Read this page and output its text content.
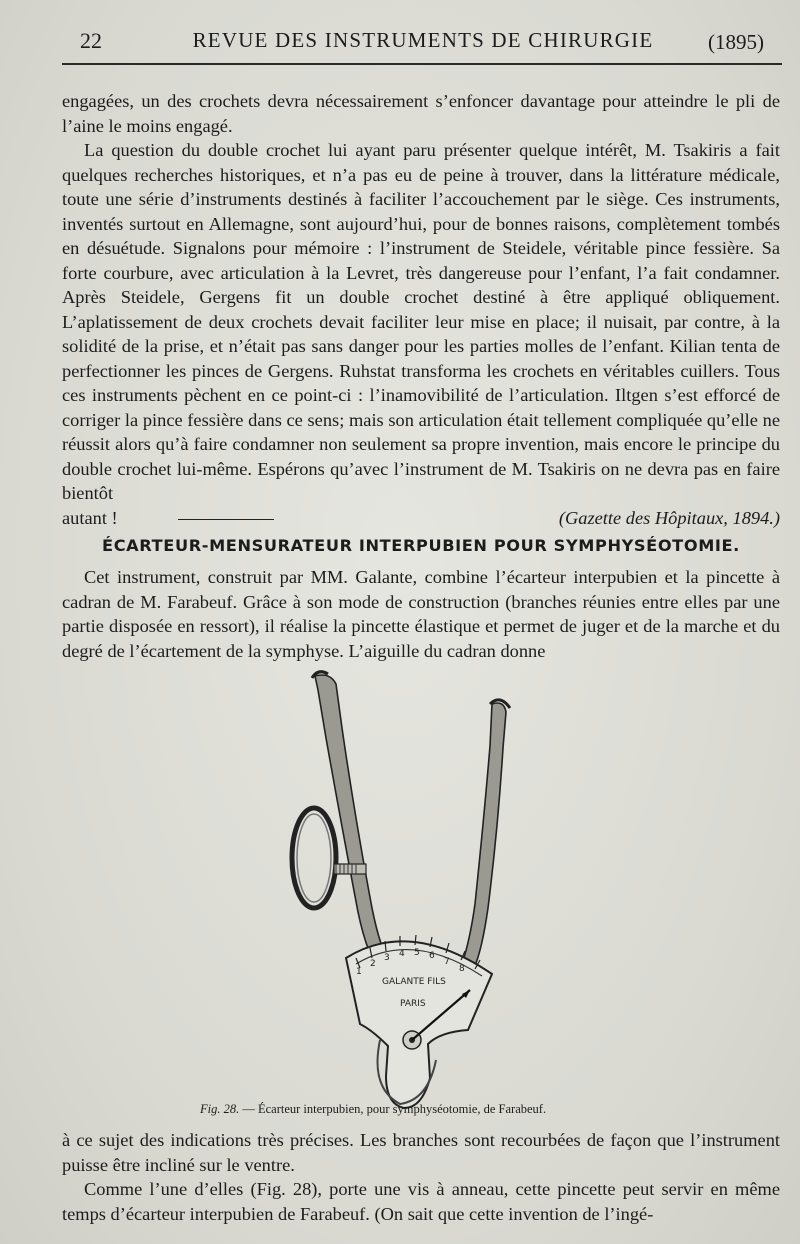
22	REVUE DES INSTRUMENTS DE CHIRURGIE	(1895)

engagées, un des crochets devra nécessairement s’enfoncer davantage pour atteindre le pli de l’aine le moins engagé.

La question du double crochet lui ayant paru présenter quelque intérêt, M. Tsakiris a fait quelques recherches historiques, et n’a pas eu de peine à trouver, dans la littérature médicale, toute une série d’instruments destinés à faciliter l’accouchement par le siège. Ces instruments, inventés surtout en Allemagne, sont aujourd’hui, pour de bonnes raisons, complètement tombés en désuétude. Signalons pour mémoire : l’instrument de Steidele, véritable pince fessière. Sa forte courbure, avec articulation à la Levret, très dangereuse pour l’enfant, l’a fait condamner. Après Steidele, Gergens fit un double crochet destiné à être appliqué obliquement. L’aplatissement de deux crochets devait faciliter leur mise en place; il nuisait, par contre, à la solidité de la prise, et n’était pas sans danger pour les parties molles de l’enfant. Kilian tenta de perfectionner les pinces de Gergens. Ruhstat transforma les crochets en véritables cuillers. Tous ces instruments pèchent en ce point-ci : l’inamovibilité de l’articulation. Iltgen s’est efforcé de corriger la pince fessière dans ce sens; mais son articulation était tellement compliquée qu’elle ne réussit alors qu’à faire condamner non seulement sa propre invention, mais encore le principe du double crochet lui-même. Espérons qu’avec l’instrument de M. Tsakiris on ne devra pas en faire bientôt

autant !	(Gazette des Hôpitaux, 1894.)
ÉCARTEUR-MENSURATEUR INTERPUBIEN POUR SYMPHYSÉOTOMIE.

Cet instrument, construit par MM. Galante, combine l’écarteur interpubien et la pincette à cadran de M. Farabeuf. Grâce à son mode de construction (branches réunies entre elles par une partie disposée en ressort), il réalise la pincette élastique et permet de juger et de la marche et du degré de l’écartement de la symphyse. L’aiguille du cadran donne

1
2
3 4 5 6
7
8
GALANTE FILS
PARIS
Fig. 28. — Écarteur interpubien, pour symphyséotomie, de Farabeuf.

à ce sujet des indications très précises. Les branches sont recourbées de façon que l’instrument puisse être incliné sur le ventre.

Comme l’une d’elles (Fig. 28), porte une vis à anneau, cette pincette peut servir en même temps d’écarteur interpubien de Farabeuf. (On sait que cette invention de l’ingé-
